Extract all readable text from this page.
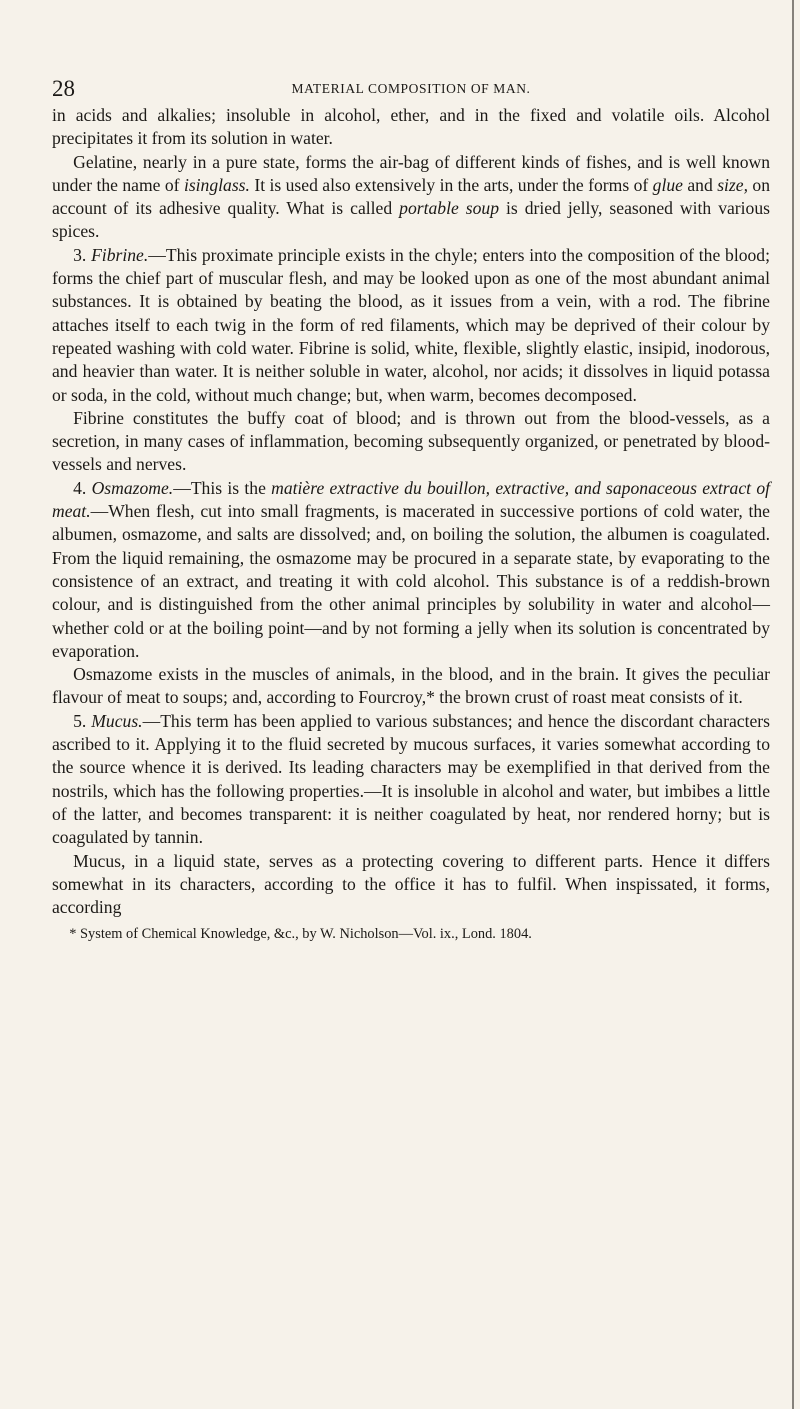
28	MATERIAL COMPOSITION OF MAN.

in acids and alkalies; insoluble in alcohol, ether, and in the fixed and volatile oils. Alcohol precipitates it from its solution in water.

Gelatine, nearly in a pure state, forms the air-bag of different kinds of fishes, and is well known under the name of isinglass. It is used also extensively in the arts, under the forms of glue and size, on account of its adhesive quality. What is called portable soup is dried jelly, seasoned with various spices.

3. Fibrine.—This proximate principle exists in the chyle; enters into the composition of the blood; forms the chief part of muscular flesh, and may be looked upon as one of the most abundant animal substances. It is obtained by beating the blood, as it issues from a vein, with a rod. The fibrine attaches itself to each twig in the form of red filaments, which may be deprived of their colour by repeated washing with cold water. Fibrine is solid, white, flexible, slightly elastic, insipid, inodorous, and heavier than water. It is neither soluble in water, alcohol, nor acids; it dissolves in liquid potassa or soda, in the cold, without much change; but, when warm, becomes decomposed.

Fibrine constitutes the buffy coat of blood; and is thrown out from the blood-vessels, as a secretion, in many cases of inflammation, becoming subsequently organized, or penetrated by blood-vessels and nerves.

4. Osmazome.—This is the matière extractive du bouillon, extractive, and saponaceous extract of meat.—When flesh, cut into small fragments, is macerated in successive portions of cold water, the albumen, osmazome, and salts are dissolved; and, on boiling the solution, the albumen is coagulated. From the liquid remaining, the osmazome may be procured in a separate state, by evaporating to the consistence of an extract, and treating it with cold alcohol. This substance is of a reddish-brown colour, and is distinguished from the other animal principles by solubility in water and alcohol—whether cold or at the boiling point—and by not forming a jelly when its solution is concentrated by evaporation.

Osmazome exists in the muscles of animals, in the blood, and in the brain. It gives the peculiar flavour of meat to soups; and, according to Fourcroy,* the brown crust of roast meat consists of it.

5. Mucus.—This term has been applied to various substances; and hence the discordant characters ascribed to it. Applying it to the fluid secreted by mucous surfaces, it varies somewhat according to the source whence it is derived. Its leading characters may be exemplified in that derived from the nostrils, which has the following properties.—It is insoluble in alcohol and water, but imbibes a little of the latter, and becomes transparent: it is neither coagulated by heat, nor rendered horny; but is coagulated by tannin.

Mucus, in a liquid state, serves as a protecting covering to different parts. Hence it differs somewhat in its characters, according to the office it has to fulfil. When inspissated, it forms, according

* System of Chemical Knowledge, &c., by W. Nicholson—Vol. ix., Lond. 1804.
